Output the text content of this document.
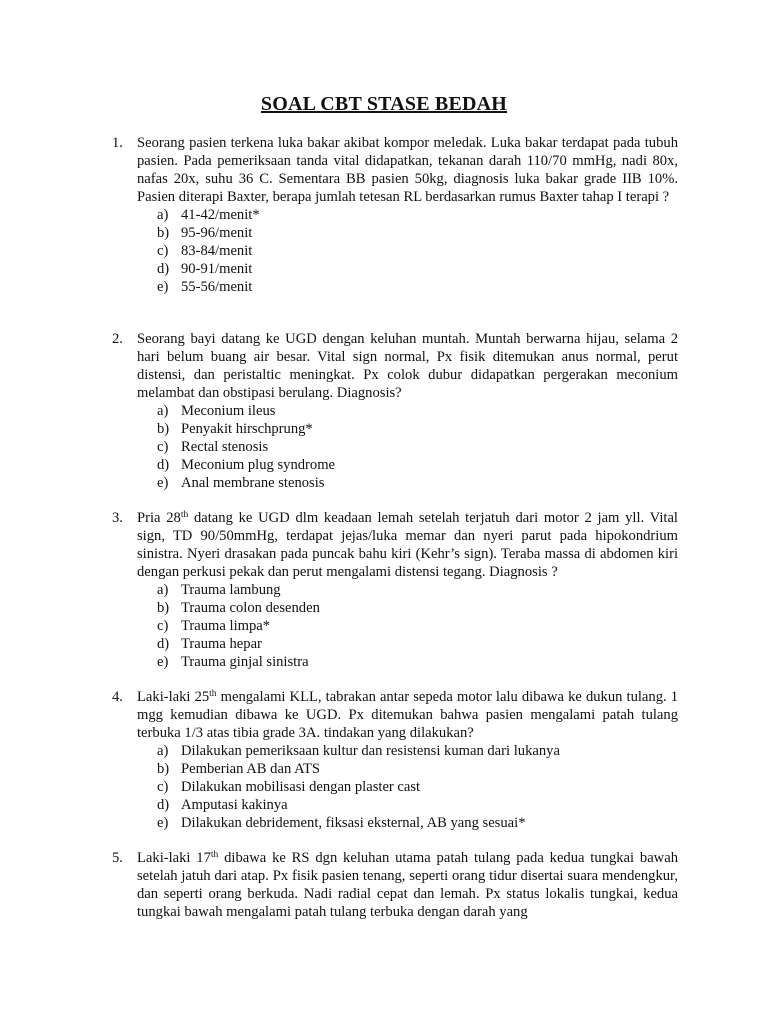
SOAL CBT STASE BEDAH
1. Seorang pasien terkena luka bakar akibat kompor meledak. Luka bakar terdapat pada tubuh pasien. Pada pemeriksaan tanda vital didapatkan, tekanan darah 110/70 mmHg, nadi 80x, nafas 20x, suhu 36 C. Sementara BB pasien 50kg, diagnosis luka bakar grade IIB 10%. Pasien diterapi Baxter, berapa jumlah tetesan RL berdasarkan rumus Baxter tahap I terapi ?
a) 41-42/menit*
b) 95-96/menit
c) 83-84/menit
d) 90-91/menit
e) 55-56/menit
2. Seorang bayi datang ke UGD dengan keluhan muntah. Muntah berwarna hijau, selama 2 hari belum buang air besar. Vital sign normal, Px fisik ditemukan anus normal, perut distensi, dan peristaltic meningkat. Px colok dubur didapatkan pergerakan meconium melambat dan obstipasi berulang. Diagnosis?
a) Meconium ileus
b) Penyakit hirschprung*
c) Rectal stenosis
d) Meconium plug syndrome
e) Anal membrane stenosis
3. Pria 28th datang ke UGD dlm keadaan lemah setelah terjatuh dari motor 2 jam yll. Vital sign, TD 90/50mmHg, terdapat jejas/luka memar dan nyeri parut pada hipokondrium sinistra. Nyeri drasakan pada puncak bahu kiri (Kehr’s sign). Teraba massa di abdomen kiri dengan perkusi pekak dan perut mengalami distensi tegang. Diagnosis ?
a) Trauma lambung
b) Trauma colon desenden
c) Trauma limpa*
d) Trauma hepar
e) Trauma ginjal sinistra
4. Laki-laki 25th mengalami KLL, tabrakan antar sepeda motor lalu dibawa ke dukun tulang. 1 mgg kemudian dibawa ke UGD. Px ditemukan bahwa pasien mengalami patah tulang terbuka 1/3 atas tibia grade 3A. tindakan yang dilakukan?
a) Dilakukan pemeriksaan kultur dan resistensi kuman dari lukanya
b) Pemberian AB dan ATS
c) Dilakukan mobilisasi dengan plaster cast
d) Amputasi kakinya
e) Dilakukan debridement, fiksasi eksternal, AB yang sesuai*
5. Laki-laki 17th dibawa ke RS dgn keluhan utama patah tulang pada kedua tungkai bawah setelah jatuh dari atap. Px fisik pasien tenang, seperti orang tidur disertai suara mendengkur, dan seperti orang berkuda. Nadi radial cepat dan lemah. Px status lokalis tungkai, kedua tungkai bawah mengalami patah tulang terbuka dengan darah yang
